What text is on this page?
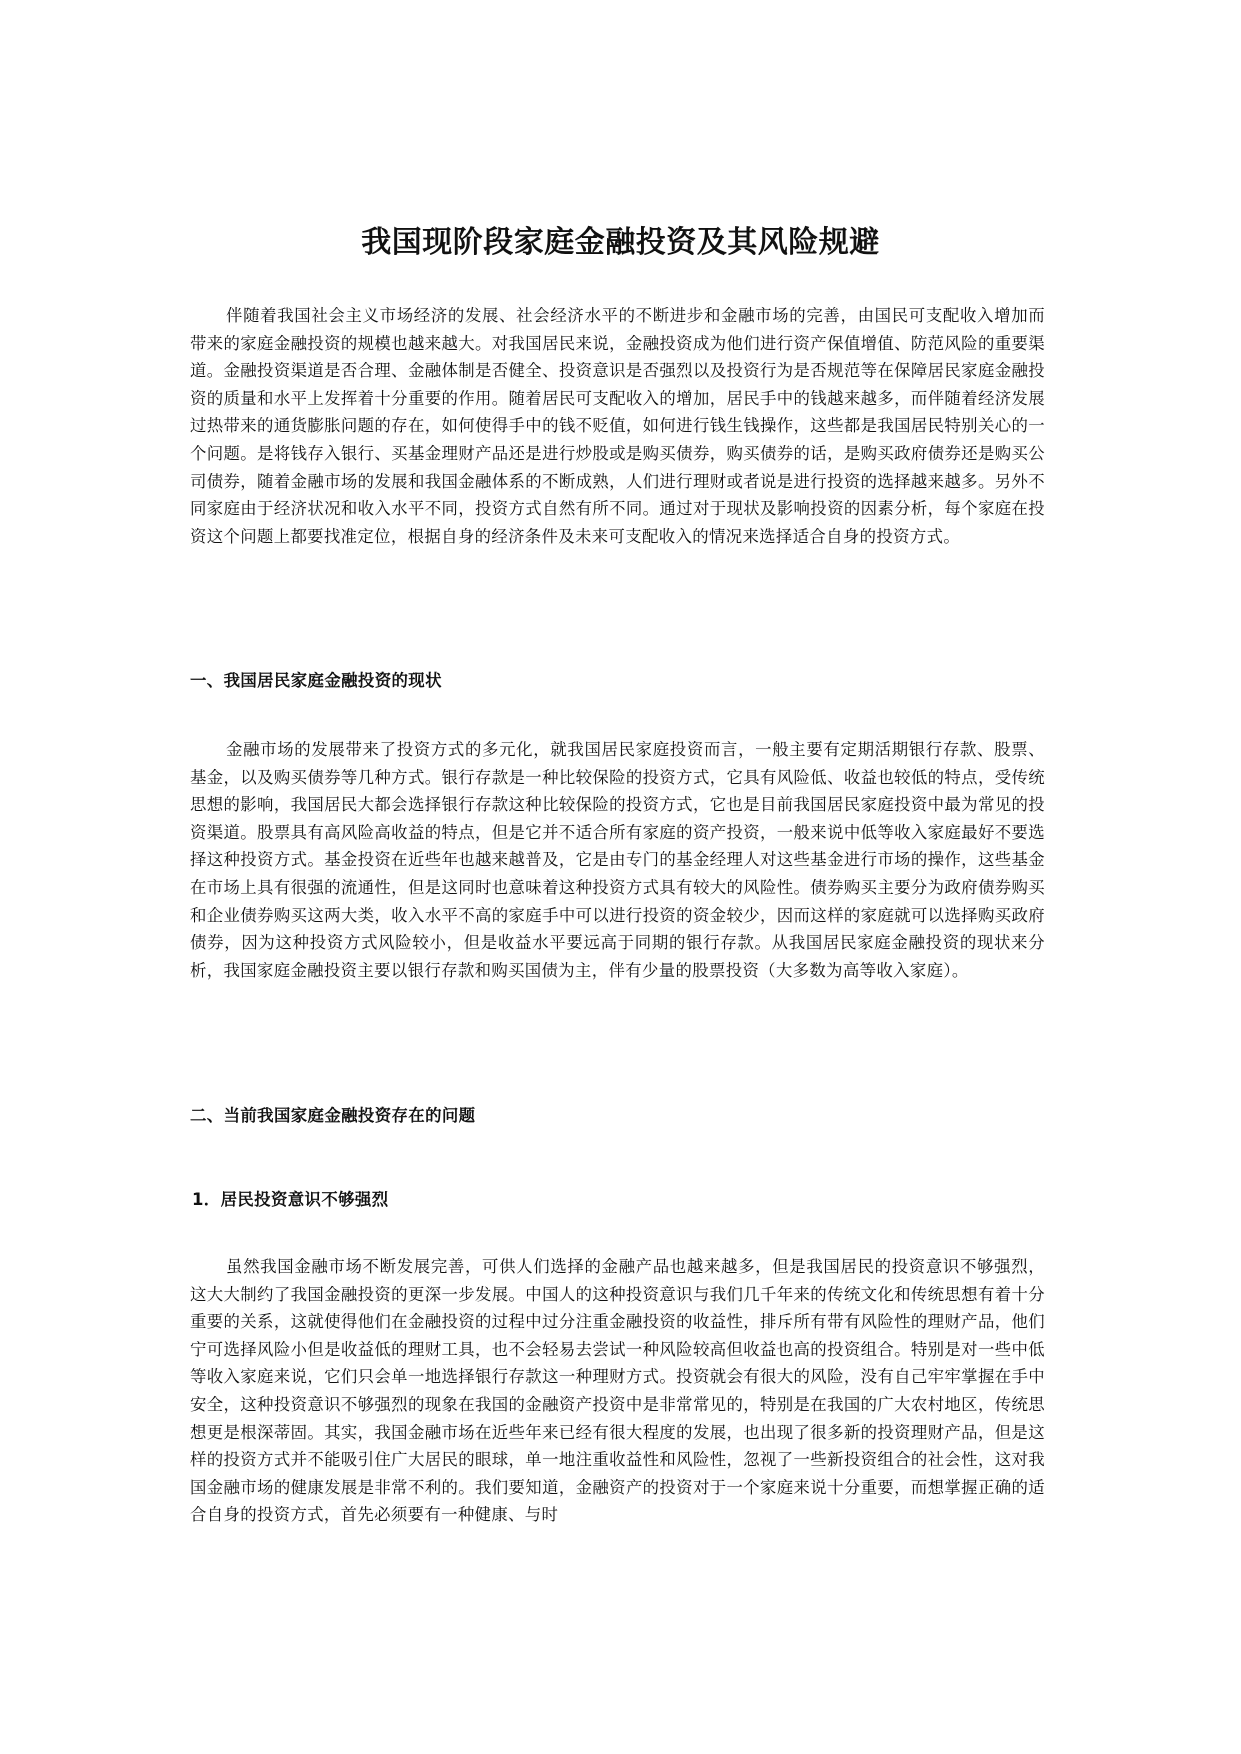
我国现阶段家庭金融投资及其风险规避

伴随着我国社会主义市场经济的发展、社会经济水平的不断进步和金融市场的完善，由国民可支配收入增加而带来的家庭金融投资的规模也越来越大。对我国居民来说，金融投资成为他们进行资产保值增值、防范风险的重要渠道。金融投资渠道是否合理、金融体制是否健全、投资意识是否强烈以及投资行为是否规范等在保障居民家庭金融投资的质量和水平上发挥着十分重要的作用。随着居民可支配收入的增加，居民手中的钱越来越多，而伴随着经济发展过热带来的通货膨胀问题的存在，如何使得手中的钱不贬值，如何进行钱生钱操作，这些都是我国居民特别关心的一个问题。是将钱存入银行、买基金理财产品还是进行炒股或是购买债券，购买债券的话，是购买政府债券还是购买公司债券，随着金融市场的发展和我国金融体系的不断成熟，人们进行理财或者说是进行投资的选择越来越多。另外不同家庭由于经济状况和收入水平不同，投资方式自然有所不同。通过对于现状及影响投资的因素分析，每个家庭在投资这个问题上都要找准定位，根据自身的经济条件及未来可支配收入的情况来选择适合自身的投资方式。

一、我国居民家庭金融投资的现状

金融市场的发展带来了投资方式的多元化，就我国居民家庭投资而言，一般主要有定期活期银行存款、股票、基金，以及购买债券等几种方式。银行存款是一种比较保险的投资方式，它具有风险低、收益也较低的特点，受传统思想的影响，我国居民大都会选择银行存款这种比较保险的投资方式，它也是目前我国居民家庭投资中最为常见的投资渠道。股票具有高风险高收益的特点，但是它并不适合所有家庭的资产投资，一般来说中低等收入家庭最好不要选择这种投资方式。基金投资在近些年也越来越普及，它是由专门的基金经理人对这些基金进行市场的操作，这些基金在市场上具有很强的流通性，但是这同时也意味着这种投资方式具有较大的风险性。债券购买主要分为政府债券购买和企业债券购买这两大类，收入水平不高的家庭手中可以进行投资的资金较少，因而这样的家庭就可以选择购买政府债券，因为这种投资方式风险较小，但是收益水平要远高于同期的银行存款。从我国居民家庭金融投资的现状来分析，我国家庭金融投资主要以银行存款和购买国债为主，伴有少量的股票投资（大多数为高等收入家庭）。

二、当前我国家庭金融投资存在的问题
1．居民投资意识不够强烈

虽然我国金融市场不断发展完善，可供人们选择的金融产品也越来越多，但是我国居民的投资意识不够强烈，这大大制约了我国金融投资的更深一步发展。中国人的这种投资意识与我们几千年来的传统文化和传统思想有着十分重要的关系，这就使得他们在金融投资的过程中过分注重金融投资的收益性，排斥所有带有风险性的理财产品，他们宁可选择风险小但是收益低的理财工具，也不会轻易去尝试一种风险较高但收益也高的投资组合。特别是对一些中低等收入家庭来说，它们只会单一地选择银行存款这一种理财方式。投资就会有很大的风险，没有自己牢牢掌握在手中安全，这种投资意识不够强烈的现象在我国的金融资产投资中是非常常见的，特别是在我国的广大农村地区，传统思想更是根深蒂固。其实，我国金融市场在近些年来已经有很大程度的发展，也出现了很多新的投资理财产品，但是这样的投资方式并不能吸引住广大居民的眼球，单一地注重收益性和风险性，忽视了一些新投资组合的社会性，这对我国金融市场的健康发展是非常不利的。我们要知道，金融资产的投资对于一个家庭来说十分重要，而想掌握正确的适合自身的投资方式，首先必须要有一种健康、与时
